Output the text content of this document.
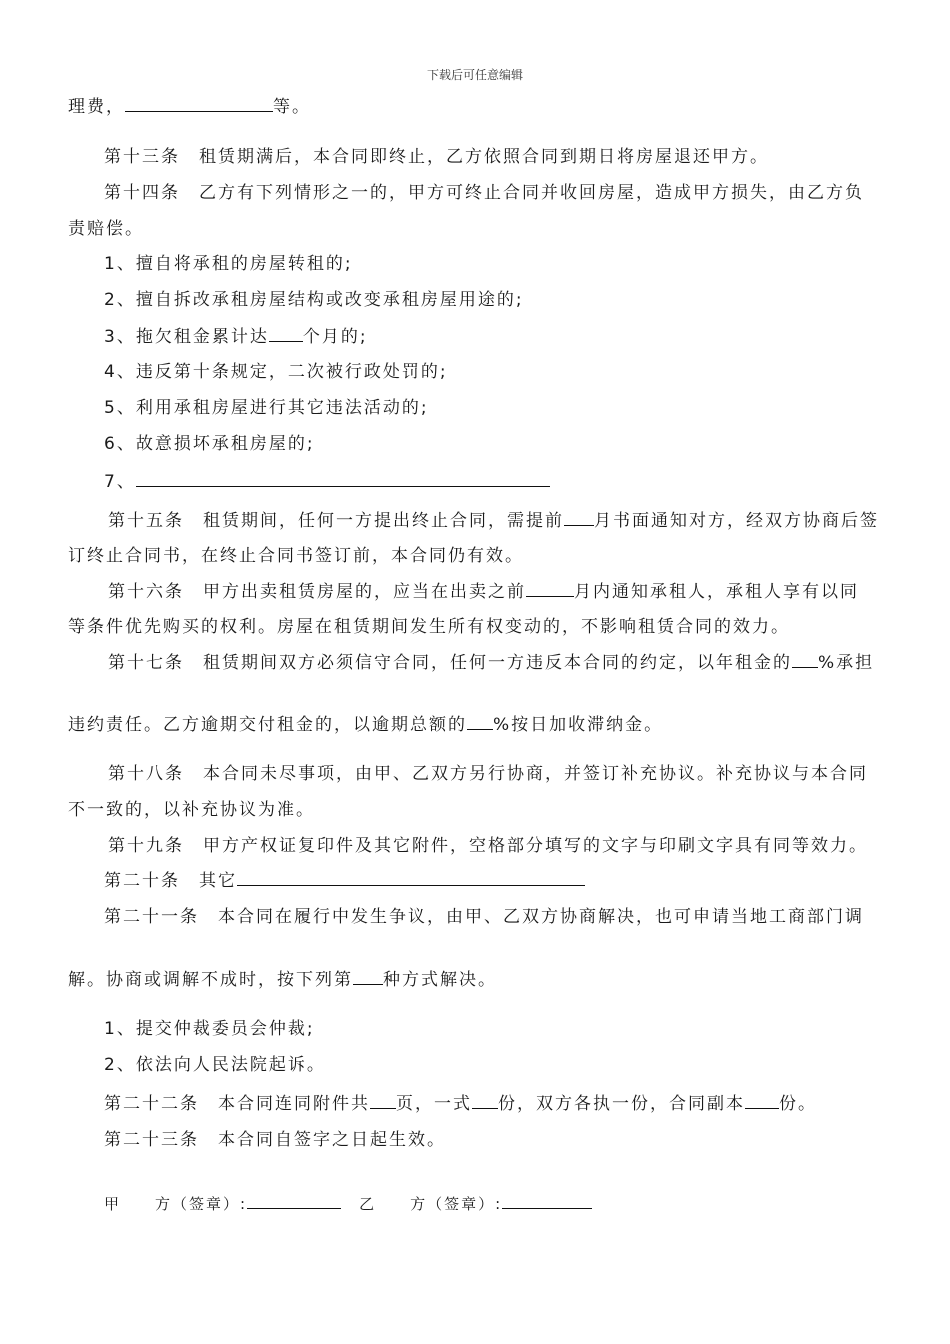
下载后可任意编辑
理费，	等。
第十三条　租赁期满后，本合同即终止，乙方依照合同到期日将房屋退还甲方。
第十四条　乙方有下列情形之一的，甲方可终止合同并收回房屋，造成甲方损失，由乙方负
责赔偿。
1、擅自将承租的房屋转租的;
2、擅自拆改承租房屋结构或改变承租房屋用途的;
3、拖欠租金累计达 个月的;
4、违反第十条规定，二次被行政处罚的;
5、利用承租房屋进行其它违法活动的;
6、故意损坏承租房屋的;
7、
第十五条　租赁期间，任何一方提出终止合同，需提前 月书面通知对方，经双方协商后签
订终止合同书，在终止合同书签订前，本合同仍有效。
第十六条　甲方出卖租赁房屋的，应当在出卖之前	月内通知承租人，承租人享有以同
等条件优先购买的权利。房屋在租赁期间发生所有权变动的，不影响租赁合同的效力。
第十七条　租赁期间双方必须信守合同，任何一方违反本合同的约定，以年租金的 %承担
违约责任。乙方逾期交付租金的，以逾期总额的 %按日加收滞纳金。
第十八条　本合同未尽事项，由甲、乙双方另行协商，并签订补充协议。补充协议与本合同
不一致的，以补充协议为准。
第十九条　甲方产权证复印件及其它附件，空格部分填写的文字与印刷文字具有同等效力。
第二十条　其它
第二十一条　本合同在履行中发生争议，由甲、乙双方协商解决，也可申请当地工商部门调
解。协商或调解不成时，按下列第 种方式解决。
1、提交仲裁委员会仲裁;
2、依法向人民法院起诉。
第二十二条　本合同连同附件共 页，一式 份，双方各执一份，合同副本 份。
第二十三条　本合同自签字之日起生效。
甲　　方（签章）:	乙　　方（签章）:
